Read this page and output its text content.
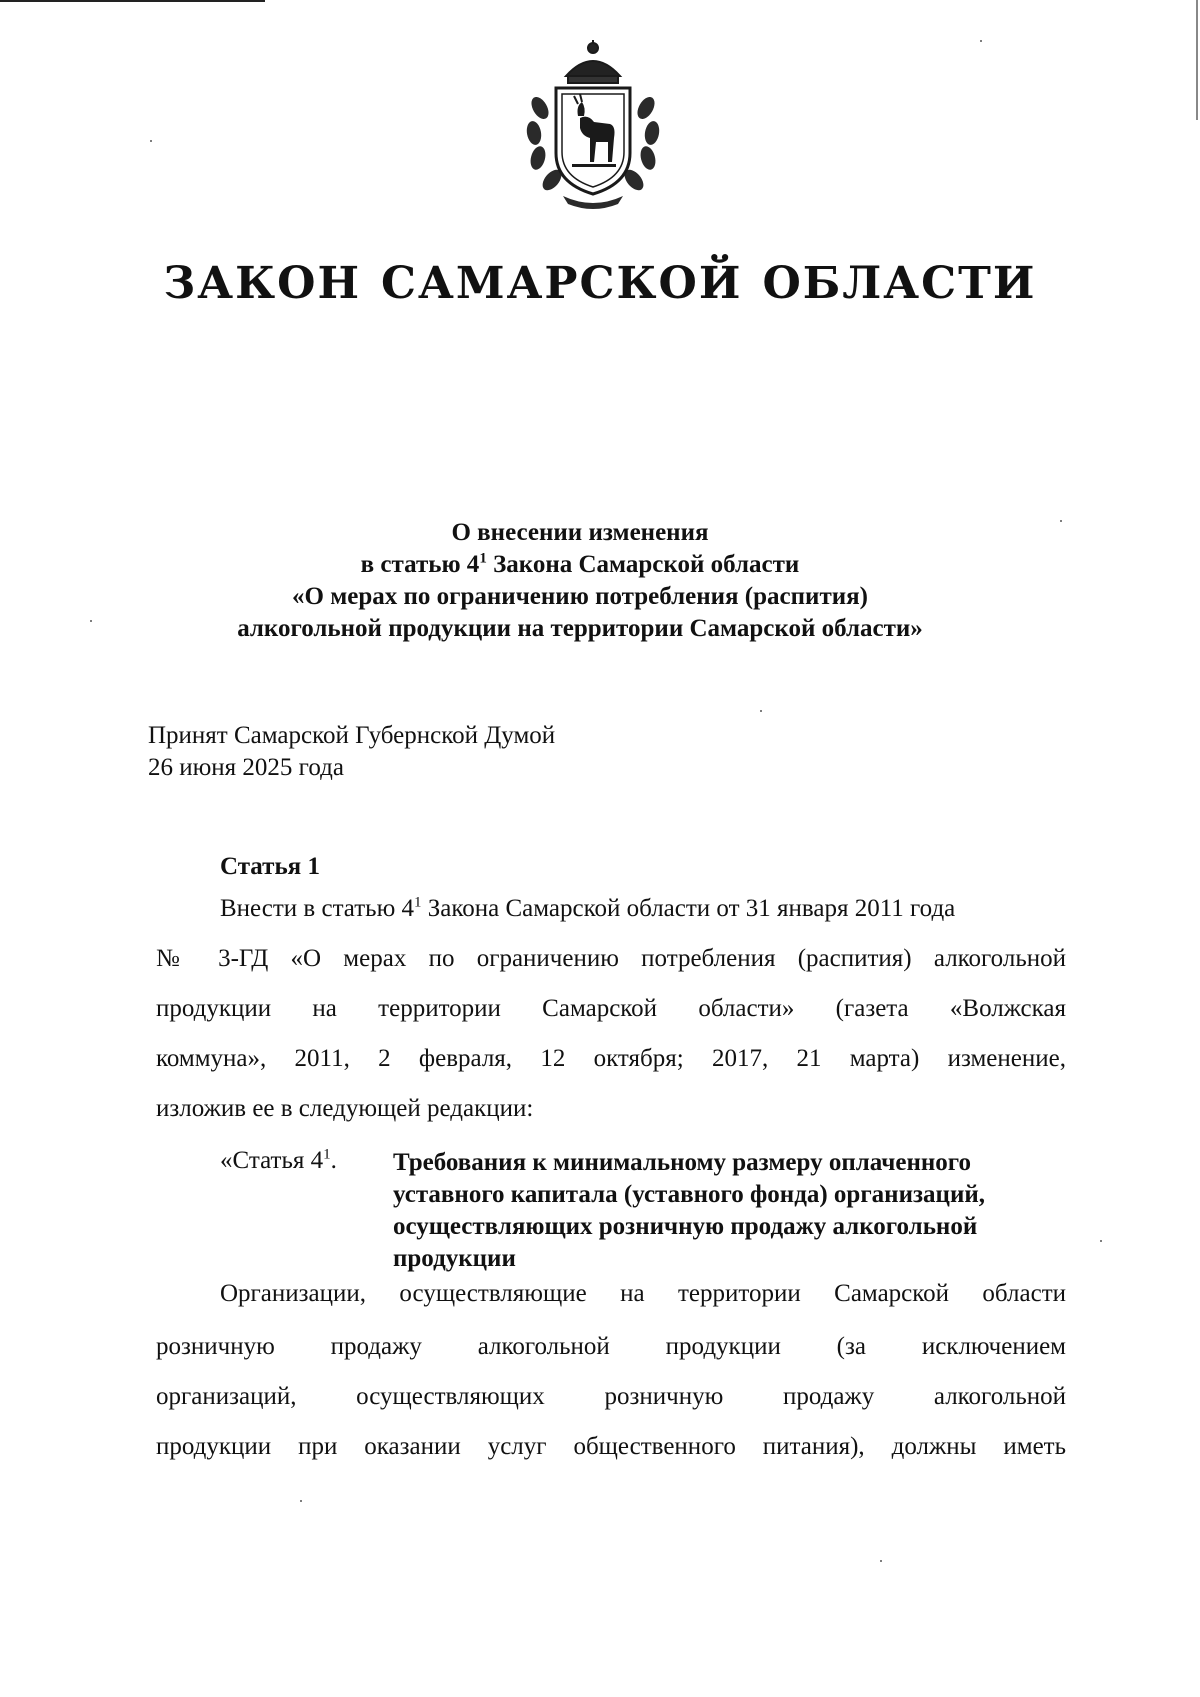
ЗАКОН САМАРСКОЙ ОБЛАСТИ
О внесении изменения
в статью $4^1$ Закона Самарской области
«О мерах по ограничению потребления (распития)
алкогольной продукции на территории Самарской области»
Принят Самарской Губернской Думой
26 июня 2025 года
Статья 1
Внести в статью $4^1$ Закона Самарской области от 31 января 2011 года
№ 3-ГД «О мерах по ограничению потребления (распития) алкогольной
продукции на территории Самарской области» (газета «Волжская
коммуна», 2011, 2 февраля, 12 октября; 2017, 21 марта) изменение,
изложив ее в следующей редакции:
«Статья $4^1$. Требования к минимальному размеру оплаченного уставного капитала (уставного фонда) организаций, осуществляющих розничную продажу алкогольной продукции
Организации, осуществляющие на территории Самарской области
розничную продажу алкогольной продукции (за исключением
организаций, осуществляющих розничную продажу алкогольной
продукции при оказании услуг общественного питания), должны иметь
